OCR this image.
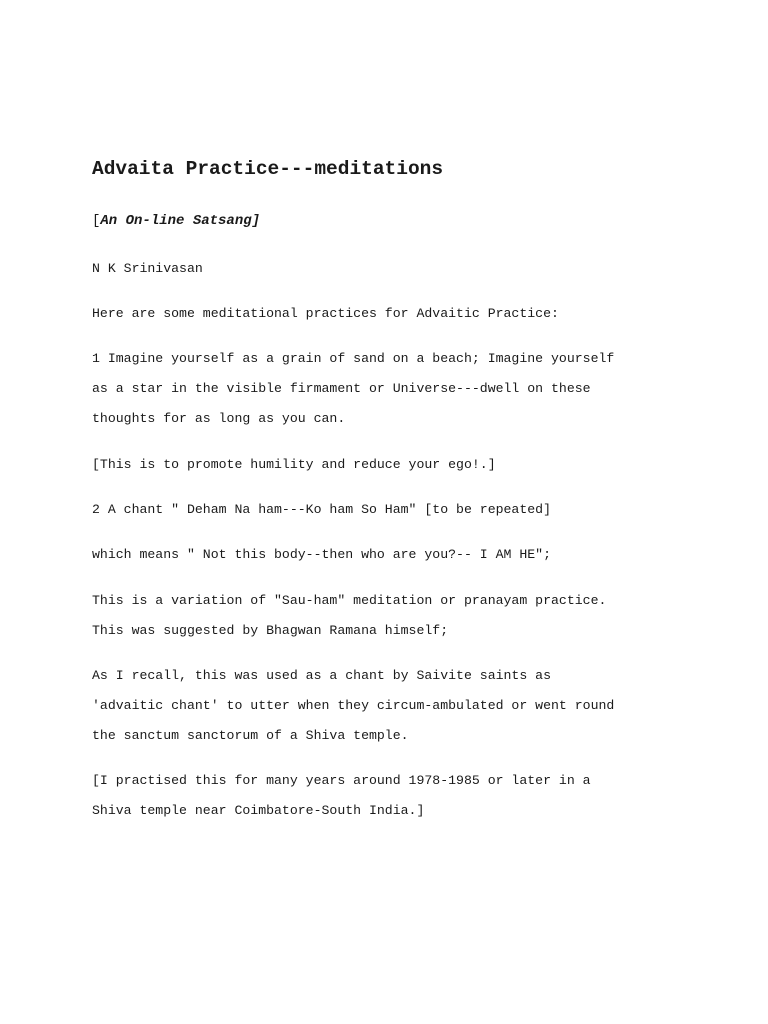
Advaita Practice---meditations

[An On-line Satsang]

N K Srinivasan

Here are some meditational practices for Advaitic Practice:

1 Imagine yourself as a grain of sand on a beach; Imagine yourself
as a star in the visible firmament or Universe---dwell on these
thoughts for as long as you can.

[This is to promote humility and reduce your ego!.]

2 A chant " Deham Na ham---Ko ham So Ham" [to be repeated]

which means " Not this body--then who are you?-- I AM HE";

This is a variation of "Sau-ham" meditation or pranayam practice.
This was suggested by Bhagwan Ramana himself;

As I recall, this was used as a chant by Saivite saints as
'advaitic chant' to utter when they circum-ambulated or went round
the sanctum sanctorum of a Shiva temple.

[I practised this for many years around 1978-1985 or later in a
Shiva temple near Coimbatore-South India.]
